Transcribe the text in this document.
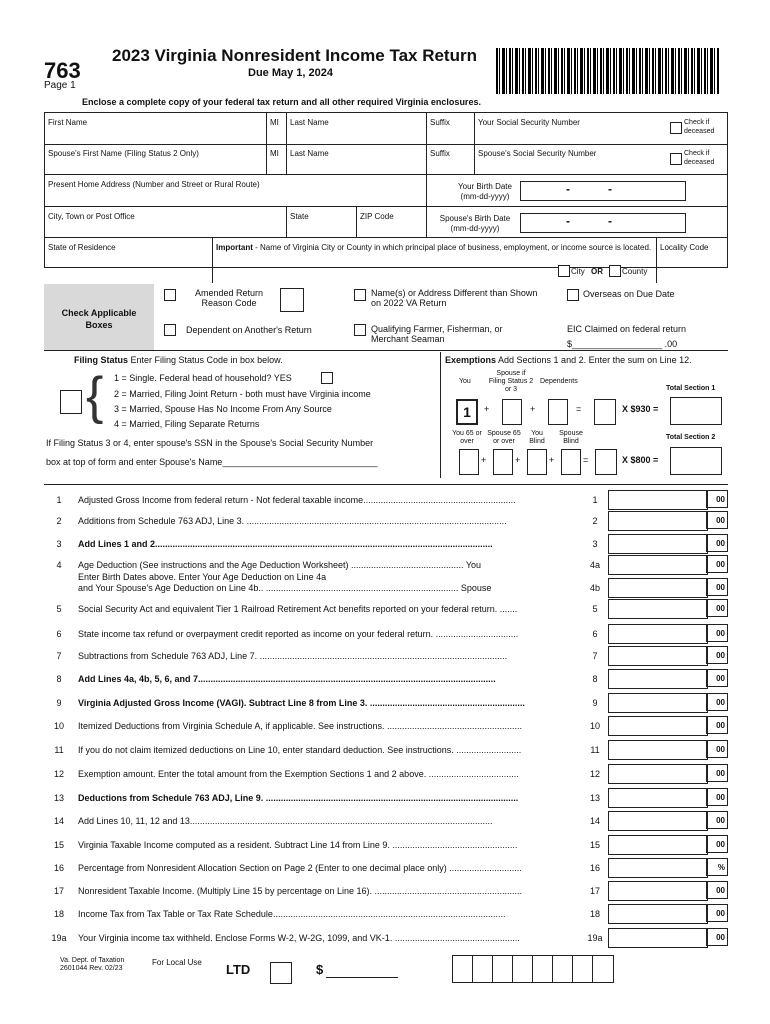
763
Page 1
2023 Virginia Nonresident Income Tax Return
Due May 1, 2024
Enclose a complete copy of your federal tax return and all other required Virginia enclosures.
First Name	MI Last Name	Suffix	Your Social Security Number	Check if deceased
Spouse's First Name (Filing Status 2 Only)	MI Last Name	Suffix	Spouse's Social Security Number	Check if deceased
Present Home Address (Number and Street or Rural Route)	Your Birth Date (mm-dd-yyyy)
-	-
City, Town or Post Office	State	ZIP Code	Spouse's Birth Date (mm-dd-yyyy)
-	-
State of Residence	Important - Name of Virginia City or County in which principal place of business, employment, or income source is located.
City OR County
Locality Code
Check Applicable Boxes
Amended Return Reason Code
Name(s) or Address Different than Shown on 2022 VA Return
Overseas on Due Date
Dependent on Another's Return	Qualifying Farmer, Fisherman, or Merchant Seaman
EIC Claimed on federal return
$__________________ .00
Filing Status Enter Filing Status Code in box below.
{ 1 = Single. Federal head of household? YES
2 = Married, Filing Joint Return - both must have Virginia income
3 = Married, Spouse Has No Income From Any Source
4 = Married, Filing Separate Returns
If Filing Status 3 or 4, enter spouse's SSN in the Spouse's Social Security Number
box at top of form and enter Spouse's Name_______________________________
Exemptions Add Sections 1 and 2. Enter the sum on Line 12.
You
Spouse if Filing Status 2 or 3
Dependents
Total Section 1
1	+	+	=	X $930 =
You 65 or over
Spouse 65 or over
You Blind
Spouse Blind
Total Section 2
+	+	+	=	X $800 =
1	Adjusted Gross Income from federal return - Not federal taxable income.............................................................	1	00
2	Additions from Schedule 763 ADJ, Line 3. ........................................................................................................	2	00
3	Add Lines 1 and 2.......................................................................................................................................	3	00
4	Age Deduction (See instructions and the Age Deduction Worksheet) ............................................. You	4a	00
and Your Spouse's Age Deduction on Line 4b.. ............................................................................. Spouse	4b	00
5	Social Security Act and equivalent Tier 1 Railroad Retirement Act benefits reported on your federal return. .......	5	00
6	State income tax refund or overpayment credit reported as income on your federal return. .................................	6	00
7	Subtractions from Schedule 763 ADJ, Line 7. ...................................................................................................	7	00
8	Add Lines 4a, 4b, 5, 6, and 7.......................................................................................................................	8	00
9	Virginia Adjusted Gross Income (VAGI). Subtract Line 8 from Line 3. ..............................................................	9	00
10	Itemized Deductions from Virginia Schedule A, if applicable. See instructions. ......................................................	10	00
11	If you do not claim itemized deductions on Line 10, enter standard deduction. See instructions. ..........................	11	00
12	Exemption amount. Enter the total amount from the Exemption Sections 1 and 2 above. ....................................	12	00
13	Deductions from Schedule 763 ADJ, Line 9. .....................................................................................................	13	00
14	Add Lines 10, 11, 12 and 13.........................................................................................................................	14	00
15	Virginia Taxable Income computed as a resident. Subtract Line 14 from Line 9. ..................................................	15	00
16	Percentage from Nonresident Allocation Section on Page 2 (Enter to one decimal place only) .............................	16	%
17	Nonresident Taxable Income. (Multiply Line 15 by percentage on Line 16). ...........................................................	17	00
18	Income Tax from Tax Table or Tax Rate Schedule.............................................................................................	18	00
19a	Your Virginia income tax withheld. Enclose Forms W-2, W-2G, 1099, and VK-1. ..................................................	19a	00
Enter Birth Dates above. Enter Your Age Deduction on Line 4a
Va. Dept. of Taxation
2601044 Rev. 02/23
For Local Use LTD	$
